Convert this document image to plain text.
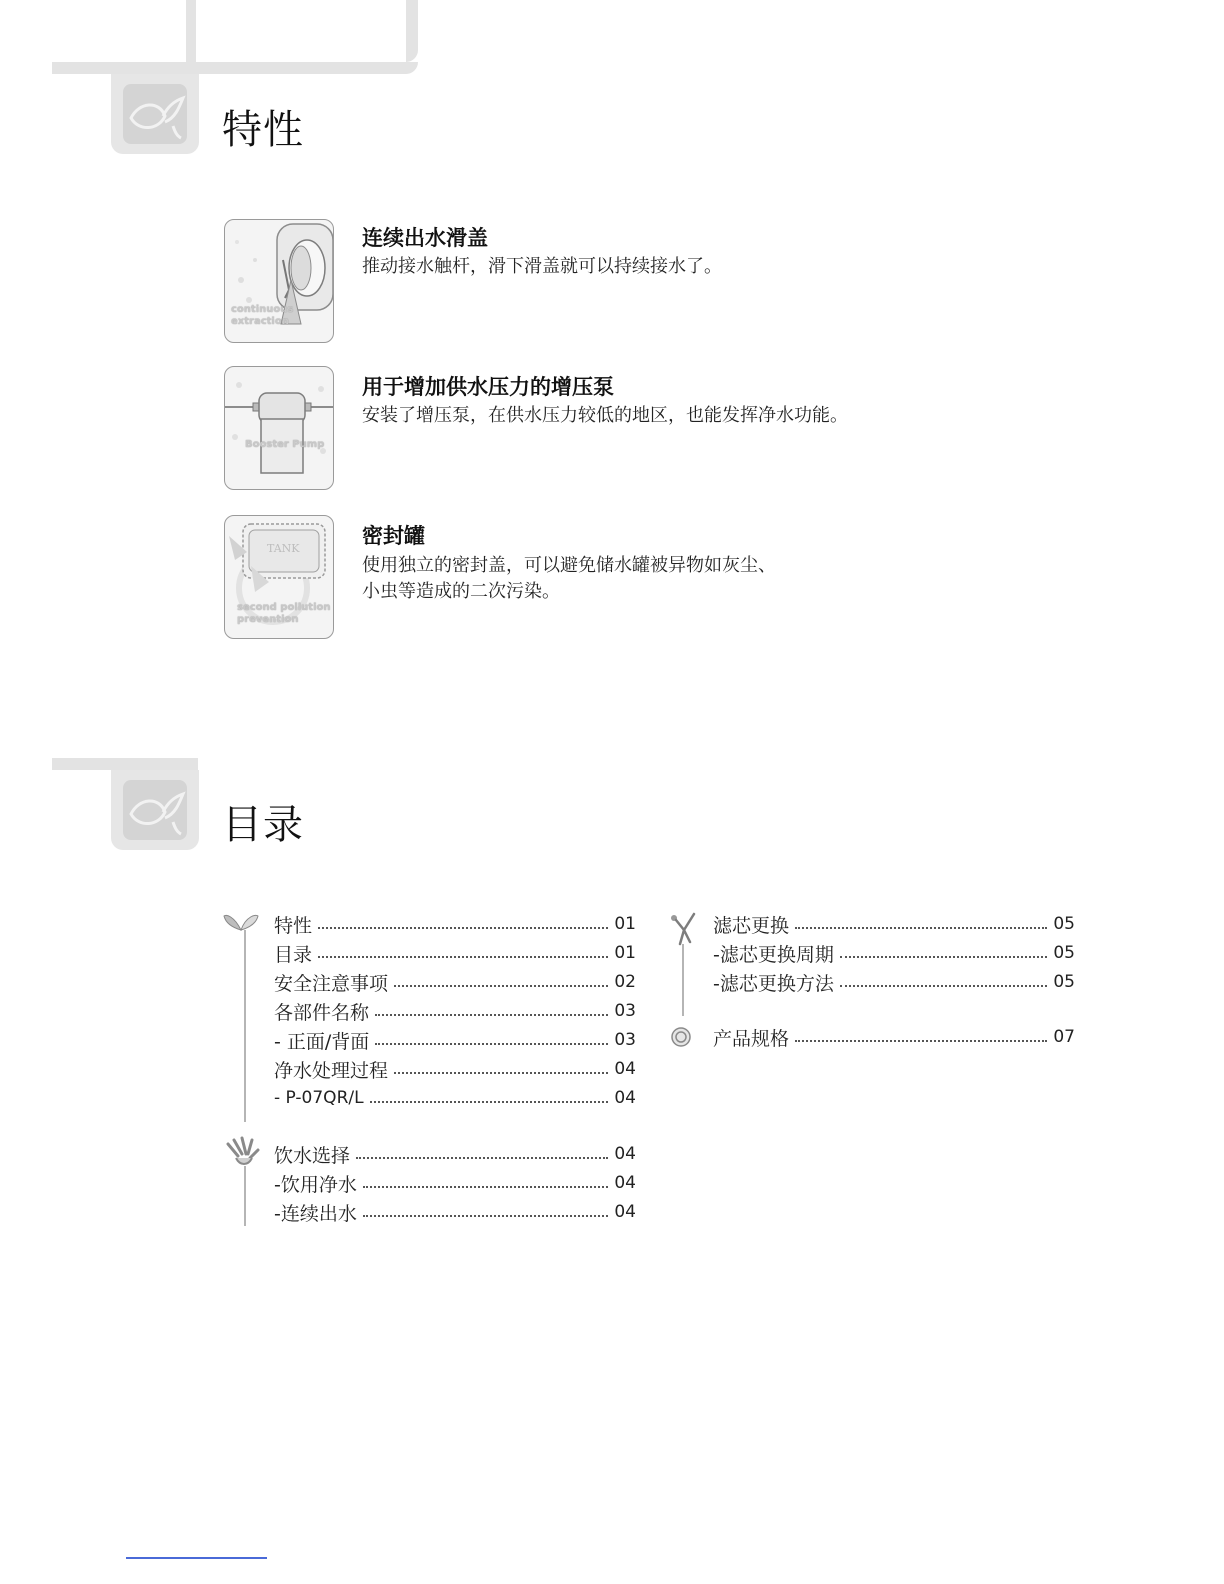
特性
continuous
extraction
连续出水滑盖
推动接水触杆，滑下滑盖就可以持续接水了。
Booster Pump
用于增加供水压力的增压泵
安装了增压泵，在供水压力较低的地区，也能发挥净水功能。
TANK
second pollution
prevention
密封罐
使用独立的密封盖，可以避免储水罐被异物如灰尘、
小虫等造成的二次污染。
目录
特性	01
目录	01
安全注意事项	02
各部件名称	03
- 正面/背面	03
净水处理过程	04
- P-07QR/L	04
饮水选择	04
-饮用净水	04
-连续出水	04
滤芯更换	05
-滤芯更换周期	05
-滤芯更换方法	05
产品规格	07
